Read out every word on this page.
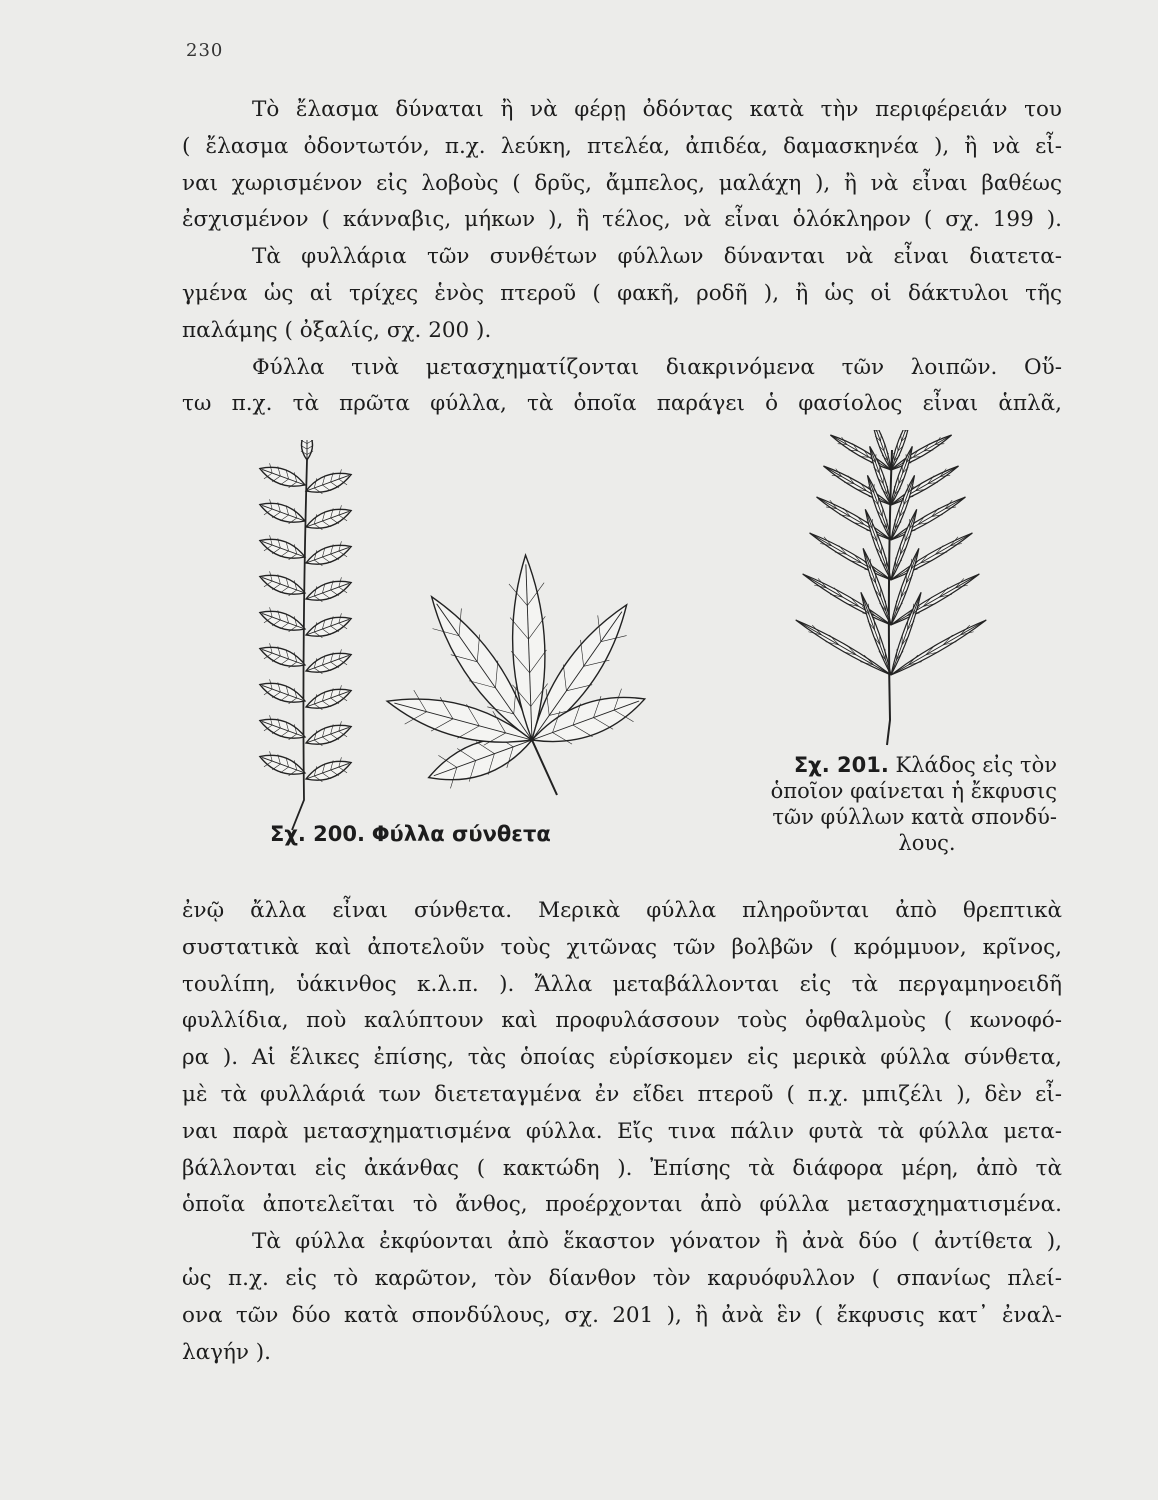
230
Τὸ ἔλασμα δύναται ἢ νὰ φέρῃ ὀδόντας κατὰ τὴν περιφέρειάν του
( ἔλασμα ὀδοντωτόν, π.χ. λεύκη, πτελέα, ἀπιδέα, δαμασκηνέα ), ἢ νὰ εἶ-
ναι χωρισμένον εἰς λοβοὺς ( δρῦς, ἄμπελος, μαλάχη ), ἢ νὰ εἶναι βαθέως
ἐσχισμένον ( κάνναβις, μήκων ), ἢ τέλος, νὰ εἶναι ὁλόκληρον ( σχ. 199 ).
Τὰ φυλλάρια τῶν συνθέτων φύλλων δύνανται νὰ εἶναι διατετα-
γμένα ὡς αἱ τρίχες ἑνὸς πτεροῦ ( φακῆ, ροδῆ ), ἢ ὡς οἱ δάκτυλοι τῆς
παλάμης ( ὀξαλίς, σχ. 200 ).
Φύλλα τινὰ μετασχηματίζονται διακρινόμενα τῶν λοιπῶν. Οὕ-
τω π.χ. τὰ πρῶτα φύλλα, τὰ ὁποῖα παράγει ὁ φασίολος εἶναι ἁπλᾶ,
Σχ. 200. Φύλλα σύνθετα
Σχ. 201. Κλάδος εἰς τὸν
ὁποῖον φαίνεται ἡ ἔκφυσις
τῶν φύλλων κατὰ σπονδύ-
λους.
ἐνῷ ἄλλα εἶναι σύνθετα. Μερικὰ φύλλα πληροῦνται ἀπὸ θρεπτικὰ
συστατικὰ καὶ ἀποτελοῦν τοὺς χιτῶνας τῶν βολβῶν ( κρόμμυον, κρῖνος,
τουλίπη, ὑάκινθος κ.λ.π. ). Ἄλλα μεταβάλλονται εἰς τὰ περγαμηνοειδῆ
φυλλίδια, ποὺ καλύπτουν καὶ προφυλάσσουν τοὺς ὀφθαλμοὺς ( κωνοφό-
ρα ). Αἱ ἕλικες ἐπίσης, τὰς ὁποίας εὑρίσκομεν εἰς μερικὰ φύλλα σύνθετα,
μὲ τὰ φυλλάριά των διετεταγμένα ἐν εἴδει πτεροῦ ( π.χ. μπιζέλι ), δὲν εἶ-
ναι παρὰ μετασχηματισμένα φύλλα. Εἴς τινα πάλιν φυτὰ τὰ φύλλα μετα-
βάλλονται εἰς ἀκάνθας ( κακτώδη ). Ἐπίσης τὰ διάφορα μέρη, ἀπὸ τὰ
ὁποῖα ἀποτελεῖται τὸ ἄνθος, προέρχονται ἀπὸ φύλλα μετασχηματισμένα.
Τὰ φύλλα ἐκφύονται ἀπὸ ἕκαστον γόνατον ἢ ἀνὰ δύο ( ἀντίθετα ),
ὡς π.χ. εἰς τὸ καρῶτον, τὸν δίανθον τὸν καρυόφυλλον ( σπανίως πλεί-
ονα τῶν δύο κατὰ σπονδύλους, σχ. 201 ), ἢ ἀνὰ ἓν ( ἔκφυσις κατ᾽ ἐναλ-
λαγήν ).
